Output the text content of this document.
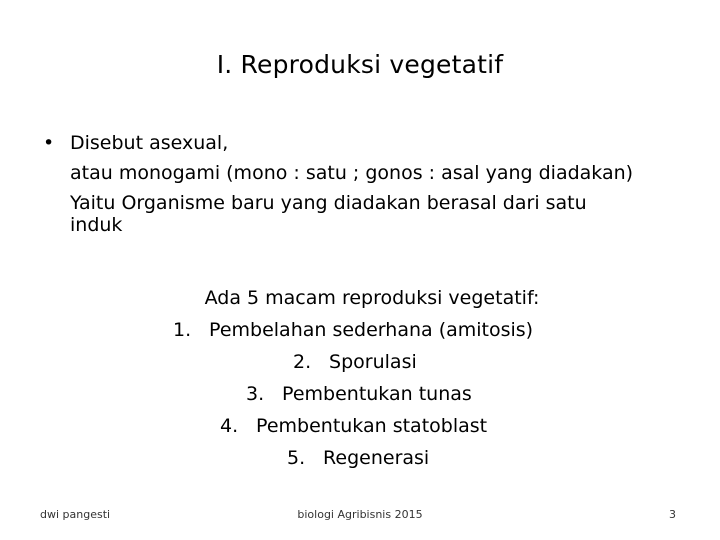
I. Reproduksi vegetatif
• Disebut asexual,
atau monogami (mono : satu ; gonos : asal yang diadakan)
Yaitu Organisme baru yang diadakan berasal dari satu
induk
Ada 5 macam reproduksi vegetatif:
1. Pembelahan sederhana (amitosis)
2. Sporulasi
3. Pembentukan tunas
4. Pembentukan statoblast
5. Regenerasi
dwi pangesti	biologi Agribisnis 2015	3
